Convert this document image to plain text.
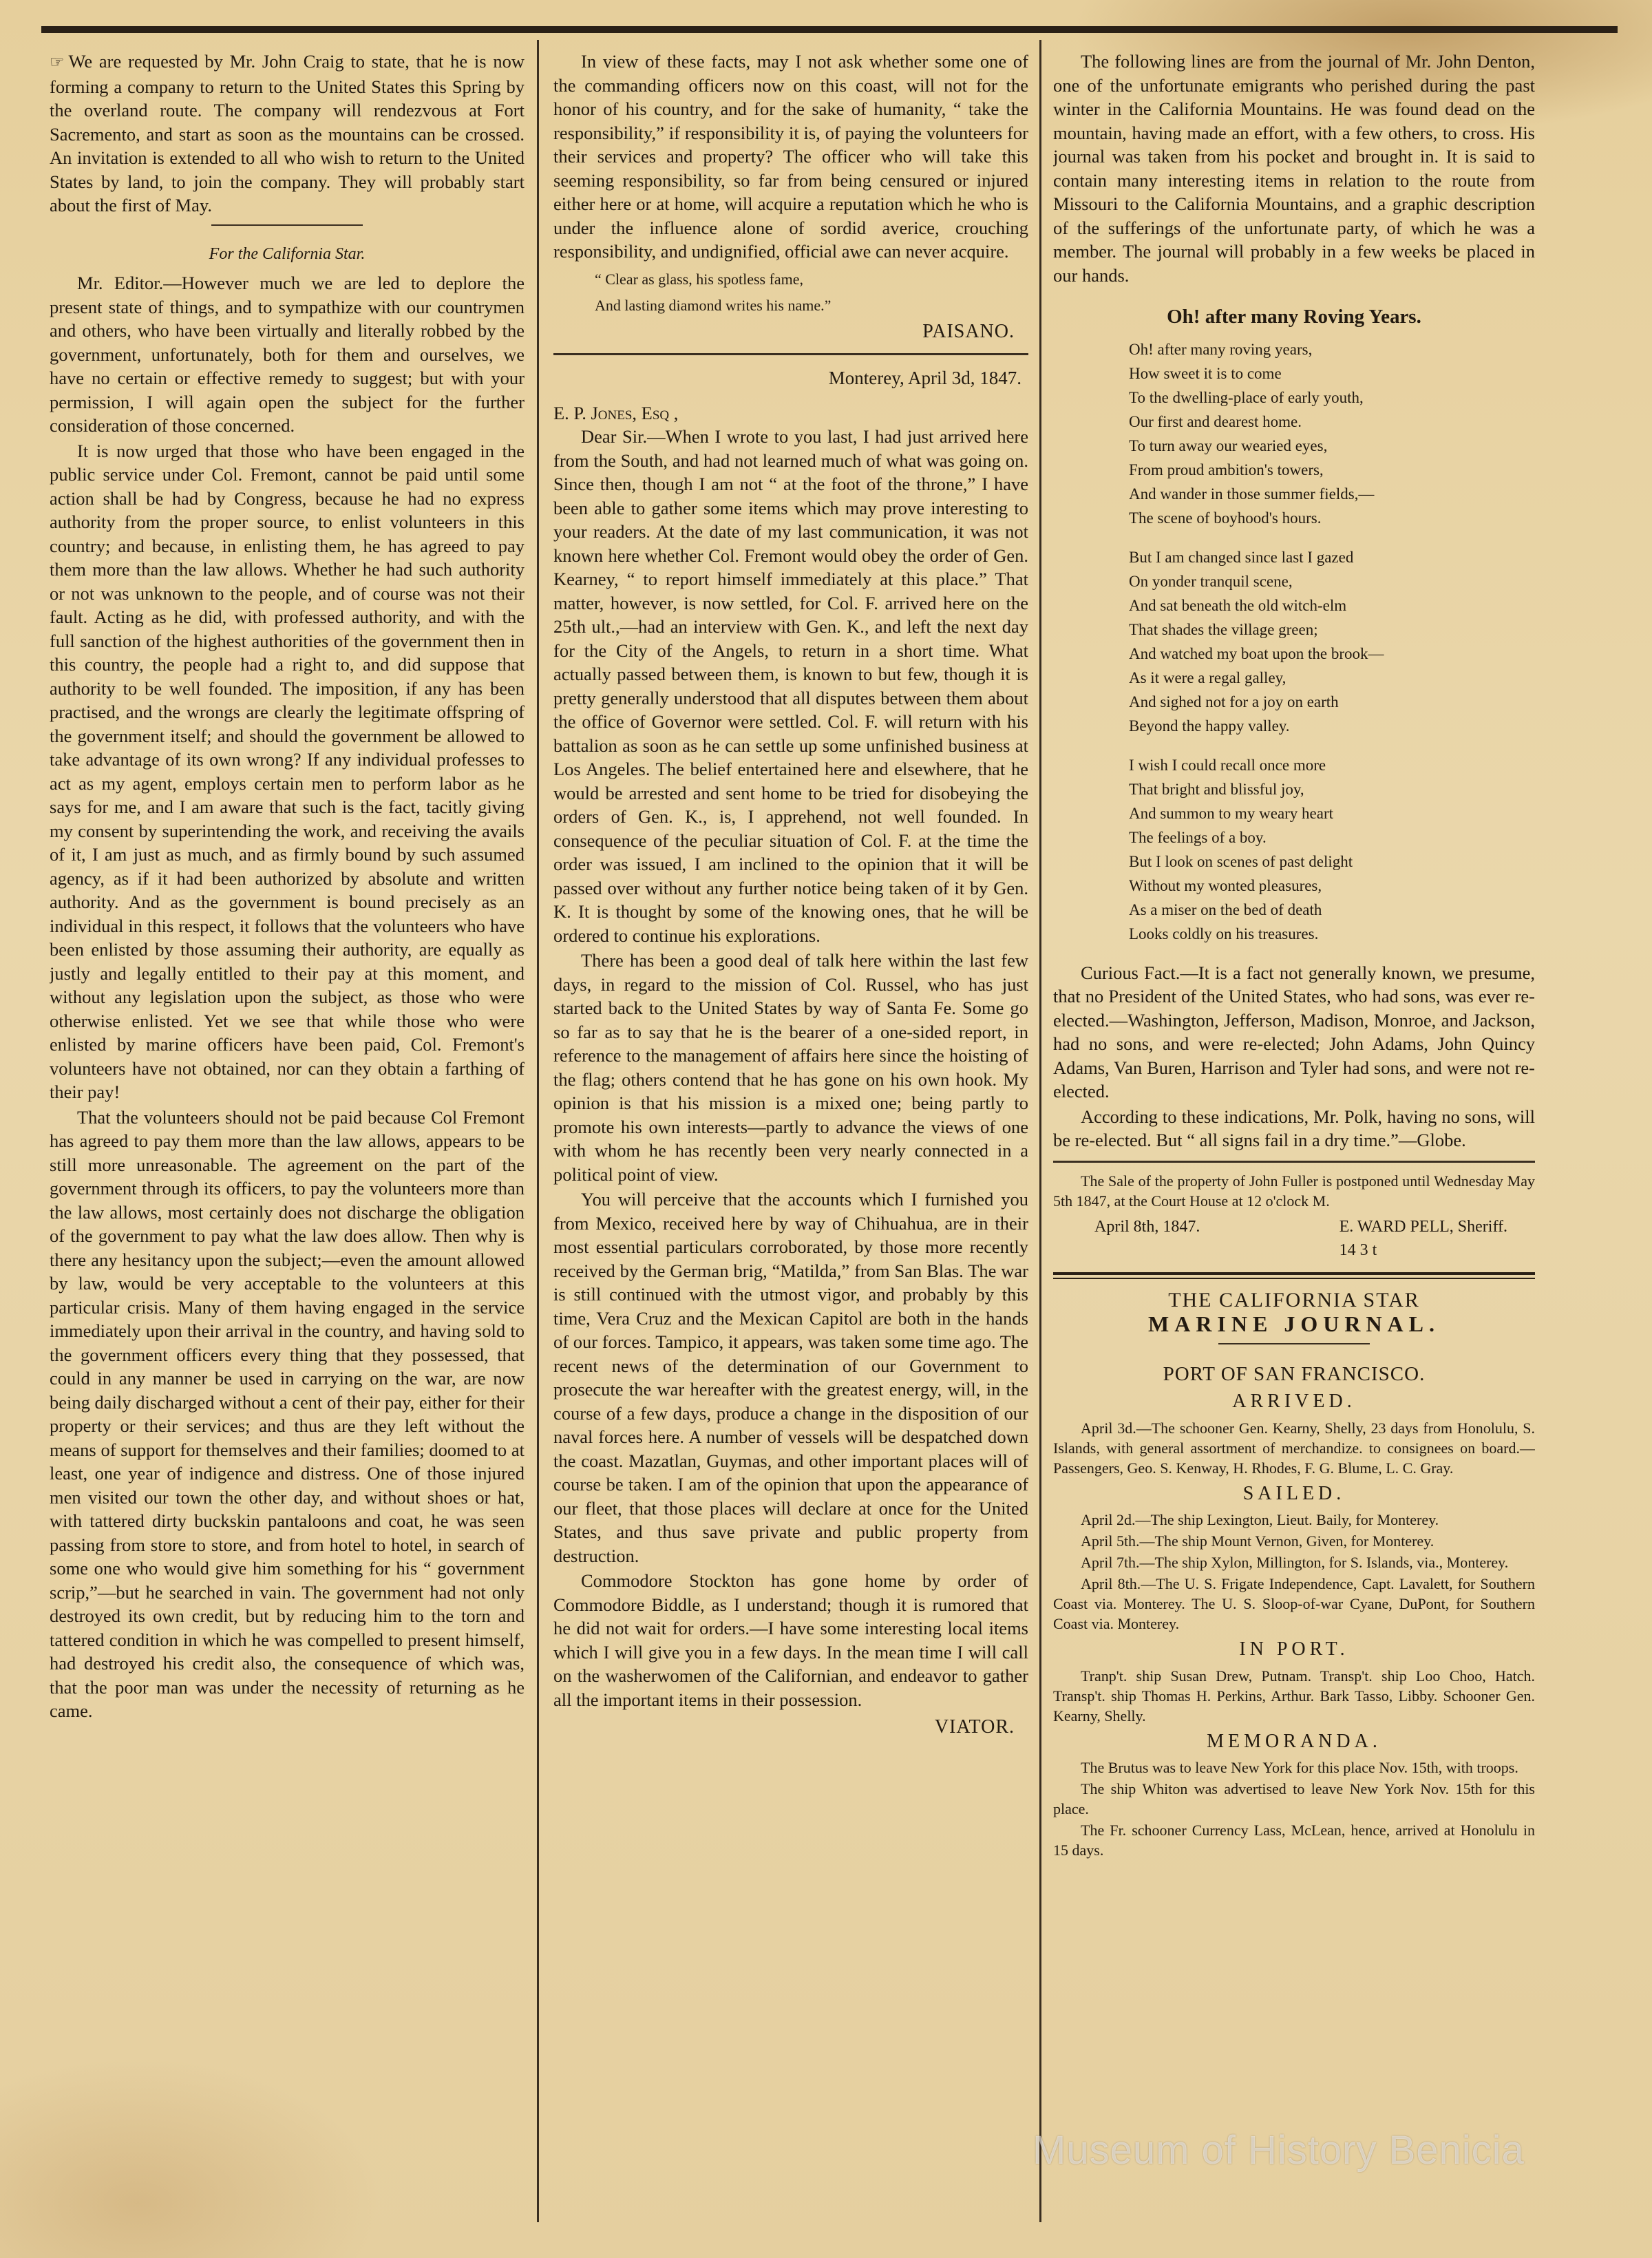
☞ We are requested by Mr. John Craig to state, that he is now forming a company to return to the United States this Spring by the overland route. The company will rendezvous at Fort Sacremento, and start as soon as the mountains can be crossed. An invitation is extended to all who wish to return to the United States by land, to join the company. They will probably start about the first of May.

For the California Star.

Mr. Editor.—However much we are led to deplore the present state of things, and to sympathize with our countrymen and others, who have been virtually and literally robbed by the government, unfortunately, both for them and ourselves, we have no certain or effective remedy to suggest; but with your permission, I will again open the subject for the further consideration of those concerned.

It is now urged that those who have been engaged in the public service under Col. Fremont, cannot be paid until some action shall be had by Congress, because he had no express authority from the proper source, to enlist volunteers in this country; and because, in enlisting them, he has agreed to pay them more than the law allows. Whether he had such authority or not was unknown to the people, and of course was not their fault. Acting as he did, with professed authority, and with the full sanction of the highest authorities of the government then in this country, the people had a right to, and did suppose that authority to be well founded. The imposition, if any has been practised, and the wrongs are clearly the legitimate offspring of the government itself; and should the government be allowed to take advantage of its own wrong? If any individual professes to act as my agent, employs certain men to perform labor as he says for me, and I am aware that such is the fact, tacitly giving my consent by superintending the work, and receiving the avails of it, I am just as much, and as firmly bound by such assumed agency, as if it had been authorized by absolute and written authority. And as the government is bound precisely as an individual in this respect, it follows that the volunteers who have been enlisted by those assuming their authority, are equally as justly and legally entitled to their pay at this moment, and without any legislation upon the subject, as those who were otherwise enlisted. Yet we see that while those who were enlisted by marine officers have been paid, Col. Fremont's volunteers have not obtained, nor can they obtain a farthing of their pay!

That the volunteers should not be paid because Col Fremont has agreed to pay them more than the law allows, appears to be still more unreasonable. The agreement on the part of the government through its officers, to pay the volunteers more than the law allows, most certainly does not discharge the obligation of the government to pay what the law does allow. Then why is there any hesitancy upon the subject;—even the amount allowed by law, would be very acceptable to the volunteers at this particular crisis. Many of them having engaged in the service immediately upon their arrival in the country, and having sold to the government officers every thing that they possessed, that could in any manner be used in carrying on the war, are now being daily discharged without a cent of their pay, either for their property or their services; and thus are they left without the means of support for themselves and their families; doomed to at least, one year of indigence and distress. One of those injured men visited our town the other day, and without shoes or hat, with tattered dirty buckskin pantaloons and coat, he was seen passing from store to store, and from hotel to hotel, in search of some one who would give him something for his “ government scrip,”—but he searched in vain. The government had not only destroyed its own credit, but by reducing him to the torn and tattered condition in which he was compelled to present himself, had destroyed his credit also, the consequence of which was, that the poor man was under the necessity of returning as he came.

In view of these facts, may I not ask whether some one of the commanding officers now on this coast, will not for the honor of his country, and for the sake of humanity, “ take the responsibility,” if responsibility it is, of paying the volunteers for their services and property? The officer who will take this seeming responsibility, so far from being censured or injured either here or at home, will acquire a reputation which he who is under the influence alone of sordid averice, crouching responsibility, and undignified, official awe can never acquire.

“ Clear as glass, his spotless fame,
And lasting diamond writes his name.”
PAISANO.
Monterey, April 3d, 1847.
E. P. Jones, Esq ,

Dear Sir.—When I wrote to you last, I had just arrived here from the South, and had not learned much of what was going on. Since then, though I am not “ at the foot of the throne,” I have been able to gather some items which may prove interesting to your readers. At the date of my last communication, it was not known here whether Col. Fremont would obey the order of Gen. Kearney, “ to report himself immediately at this place.” That matter, however, is now settled, for Col. F. arrived here on the 25th ult.,—had an interview with Gen. K., and left the next day for the City of the Angels, to return in a short time. What actually passed between them, is known to but few, though it is pretty generally understood that all disputes between them about the office of Governor were settled. Col. F. will return with his battalion as soon as he can settle up some unfinished business at Los Angeles. The belief entertained here and elsewhere, that he would be arrested and sent home to be tried for disobeying the orders of Gen. K., is, I apprehend, not well founded. In consequence of the peculiar situation of Col. F. at the time the order was issued, I am inclined to the opinion that it will be passed over without any further notice being taken of it by Gen. K. It is thought by some of the knowing ones, that he will be ordered to continue his explorations.

There has been a good deal of talk here within the last few days, in regard to the mission of Col. Russel, who has just started back to the United States by way of Santa Fe. Some go so far as to say that he is the bearer of a one-sided report, in reference to the management of affairs here since the hoisting of the flag; others contend that he has gone on his own hook. My opinion is that his mission is a mixed one; being partly to promote his own interests—partly to advance the views of one with whom he has recently been very nearly connected in a political point of view.

You will perceive that the accounts which I furnished you from Mexico, received here by way of Chihuahua, are in their most essential particulars corroborated, by those more recently received by the German brig, “Matilda,” from San Blas. The war is still continued with the utmost vigor, and probably by this time, Vera Cruz and the Mexican Capitol are both in the hands of our forces. Tampico, it appears, was taken some time ago. The recent news of the determination of our Government to prosecute the war hereafter with the greatest energy, will, in the course of a few days, produce a change in the disposition of our naval forces here. A number of vessels will be despatched down the coast. Mazatlan, Guymas, and other important places will of course be taken. I am of the opinion that upon the appearance of our fleet, that those places will declare at once for the United States, and thus save private and public property from destruction.

Commodore Stockton has gone home by order of Commodore Biddle, as I understand; though it is rumored that he did not wait for orders.—I have some interesting local items which I will give you in a few days. In the mean time I will call on the washerwomen of the Californian, and endeavor to gather all the important items in their possession.

VIATOR.

The following lines are from the journal of Mr. John Denton, one of the unfortunate emigrants who perished during the past winter in the California Mountains. He was found dead on the mountain, having made an effort, with a few others, to cross. His journal was taken from his pocket and brought in. It is said to contain many interesting items in relation to the route from Missouri to the California Mountains, and a graphic description of the sufferings of the unfortunate party, of which he was a member. The journal will probably in a few weeks be placed in our hands.

Oh! after many Roving Years.
Oh! after many roving years,
How sweet it is to come
To the dwelling-place of early youth,
Our first and dearest home.
To turn away our wearied eyes,
From proud ambition's towers,
And wander in those summer fields,—
The scene of boyhood's hours.
But I am changed since last I gazed
On yonder tranquil scene,
And sat beneath the old witch-elm
That shades the village green;
And watched my boat upon the brook—
As it were a regal galley,
And sighed not for a joy on earth
Beyond the happy valley.
I wish I could recall once more
That bright and blissful joy,
And summon to my weary heart
The feelings of a boy.
But I look on scenes of past delight
Without my wonted pleasures,
As a miser on the bed of death
Looks coldly on his treasures.

Curious Fact.—It is a fact not generally known, we presume, that no President of the United States, who had sons, was ever re-elected.—Washington, Jefferson, Madison, Monroe, and Jackson, had no sons, and were re-elected; John Adams, John Quincy Adams, Van Buren, Harrison and Tyler had sons, and were not re-elected.

According to these indications, Mr. Polk, having no sons, will be re-elected. But “ all signs fail in a dry time.”—Globe.

The Sale of the property of John Fuller is postponed until Wednesday May 5th 1847, at the Court House at 12 o'clock M.

April 8th, 1847.	E. WARD PELL, Sheriff.
14 3 t
THE CALIFORNIA STAR
MARINE JOURNAL.
PORT OF SAN FRANCISCO.
ARRIVED.

April 3d.—The schooner Gen. Kearny, Shelly, 23 days from Honolulu, S. Islands, with general assortment of merchandize. to consignees on board.—Passengers, Geo. S. Kenway, H. Rhodes, F. G. Blume, L. C. Gray.

SAILED.

April 2d.—The ship Lexington, Lieut. Baily, for Monterey.

April 5th.—The ship Mount Vernon, Given, for Monterey.

April 7th.—The ship Xylon, Millington, for S. Islands, via., Monterey.

April 8th.—The U. S. Frigate Independence, Capt. Lavalett, for Southern Coast via. Monterey. The U. S. Sloop-of-war Cyane, DuPont, for Southern Coast via. Monterey.

IN PORT.

Tranp't. ship Susan Drew, Putnam. Transp't. ship Loo Choo, Hatch. Transp't. ship Thomas H. Perkins, Arthur. Bark Tasso, Libby. Schooner Gen. Kearny, Shelly.

MEMORANDA.

The Brutus was to leave New York for this place Nov. 15th, with troops.

The ship Whiton was advertised to leave New York Nov. 15th for this place.

The Fr. schooner Currency Lass, McLean, hence, arrived at Honolulu in 15 days.

Museum of History Benicia
